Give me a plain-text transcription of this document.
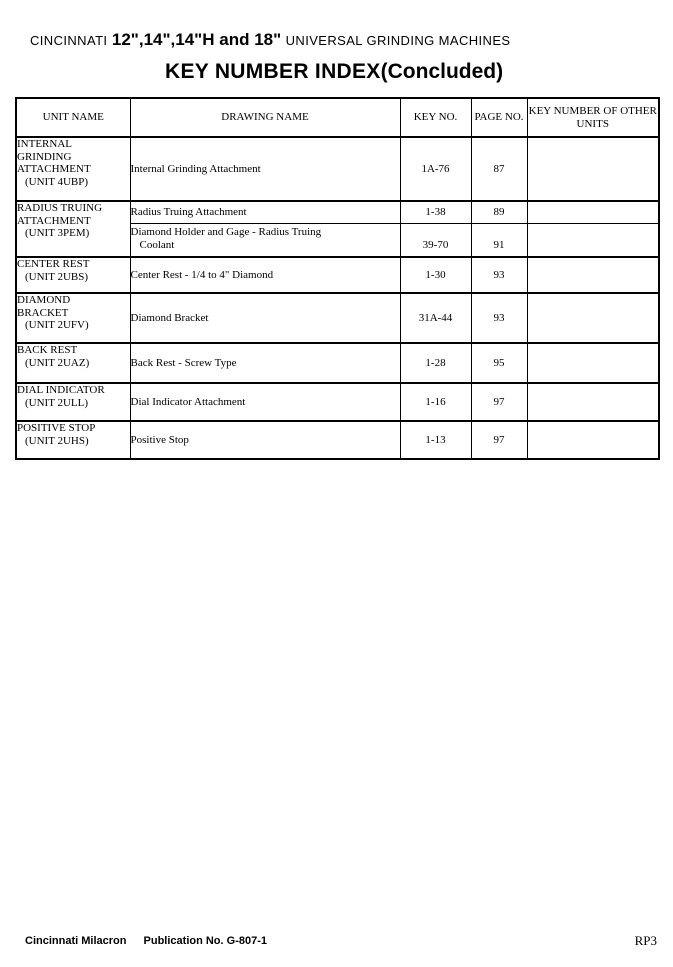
CINCINNATI 12",14",14"H and 18" UNIVERSAL GRINDING MACHINES
KEY NUMBER INDEX(Concluded)
UNIT NAME	DRAWING NAME	KEY NO.	PAGE NO.	KEY NUMBER OF OTHER UNITS

INTERNAL
GRINDING
ATTACHMENT
(UNIT 4UBP)	Internal Grinding Attachment	1A-76	87	

RADIUS TRUING
ATTACHMENT
(UNIT 3PEM)	Radius Truing Attachment	1-38	89	

	Diamond Holder and Gage - Radius Truing
Coolant	39-70	91	

CENTER REST
(UNIT 2UBS)	Center Rest - 1/4 to 4" Diamond	1-30	93	

DIAMOND
BRACKET
(UNIT 2UFV)	Diamond Bracket	31A-44	93	

BACK REST
(UNIT 2UAZ)	Back Rest - Screw Type	1-28	95	

DIAL INDICATOR
(UNIT 2ULL)	Dial Indicator Attachment	1-16	97	

POSITIVE STOP
(UNIT 2UHS)	Positive Stop	1-13	97	
Cincinnati Milacron Publication No. G-807-1	RP3
